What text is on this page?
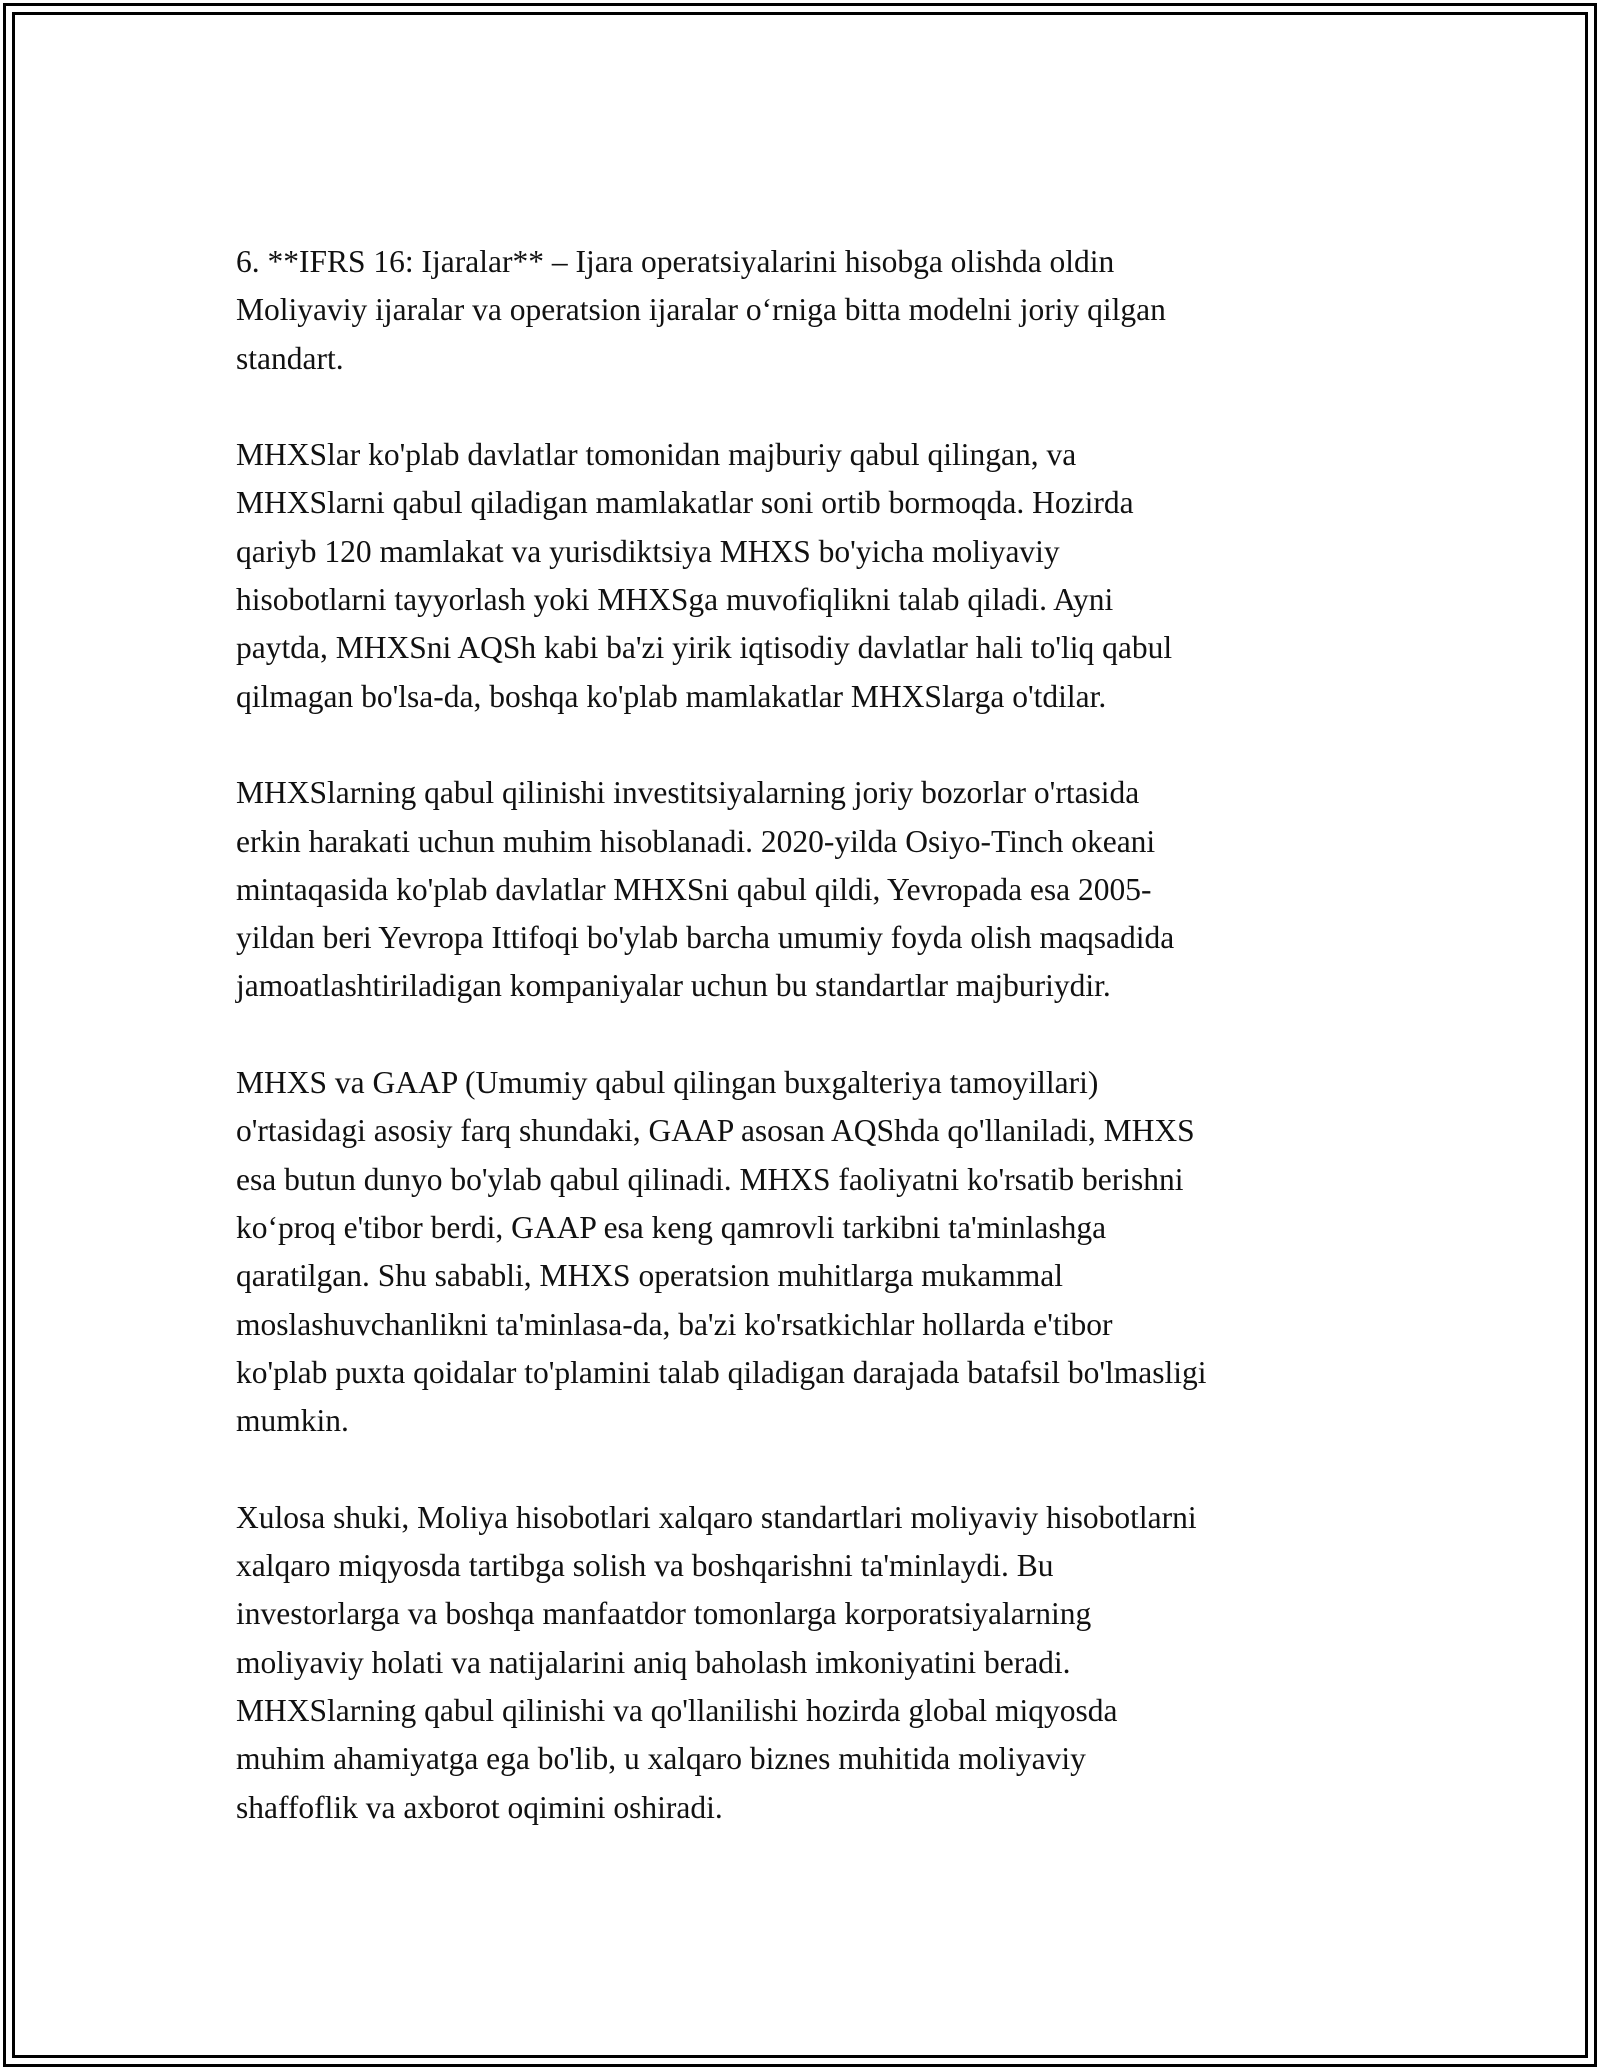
6. **IFRS 16: Ijaralar** – Ijara operatsiyalarini hisobga olishda oldin
Moliyaviy ijaralar va operatsion ijaralar o‘rniga bitta modelni joriy qilgan
standart.

MHXSlar ko'plab davlatlar tomonidan majburiy qabul qilingan, va
MHXSlarni qabul qiladigan mamlakatlar soni ortib bormoqda. Hozirda
qariyb 120 mamlakat va yurisdiktsiya MHXS bo'yicha moliyaviy
hisobotlarni tayyorlash yoki MHXSga muvofiqlikni talab qiladi. Ayni
paytda, MHXSni AQSh kabi ba'zi yirik iqtisodiy davlatlar hali to'liq qabul
qilmagan bo'lsa-da, boshqa ko'plab mamlakatlar MHXSlarga o'tdilar.

MHXSlarning qabul qilinishi investitsiyalarning joriy bozorlar o'rtasida
erkin harakati uchun muhim hisoblanadi. 2020-yilda Osiyo-Tinch okeani
mintaqasida ko'plab davlatlar MHXSni qabul qildi, Yevropada esa 2005-
yildan beri Yevropa Ittifoqi bo'ylab barcha umumiy foyda olish maqsadida
jamoatlashtiriladigan kompaniyalar uchun bu standartlar majburiydir.

MHXS va GAAP (Umumiy qabul qilingan buxgalteriya tamoyillari)
o'rtasidagi asosiy farq shundaki, GAAP asosan AQShda qo'llaniladi, MHXS
esa butun dunyo bo'ylab qabul qilinadi. MHXS faoliyatni ko'rsatib berishni
ko‘proq e'tibor berdi, GAAP esa keng qamrovli tarkibni ta'minlashga
qaratilgan. Shu sababli, MHXS operatsion muhitlarga mukammal
moslashuvchanlikni ta'minlasa-da, ba'zi ko'rsatkichlar hollarda e'tibor
ko'plab puxta qoidalar to'plamini talab qiladigan darajada batafsil bo'lmasligi
mumkin.

Xulosa shuki, Moliya hisobotlari xalqaro standartlari moliyaviy hisobotlarni
xalqaro miqyosda tartibga solish va boshqarishni ta'minlaydi. Bu
investorlarga va boshqa manfaatdor tomonlarga korporatsiyalarning
moliyaviy holati va natijalarini aniq baholash imkoniyatini beradi.
MHXSlarning qabul qilinishi va qo'llanilishi hozirda global miqyosda
muhim ahamiyatga ega bo'lib, u xalqaro biznes muhitida moliyaviy
shaffoflik va axborot oqimini oshiradi.
